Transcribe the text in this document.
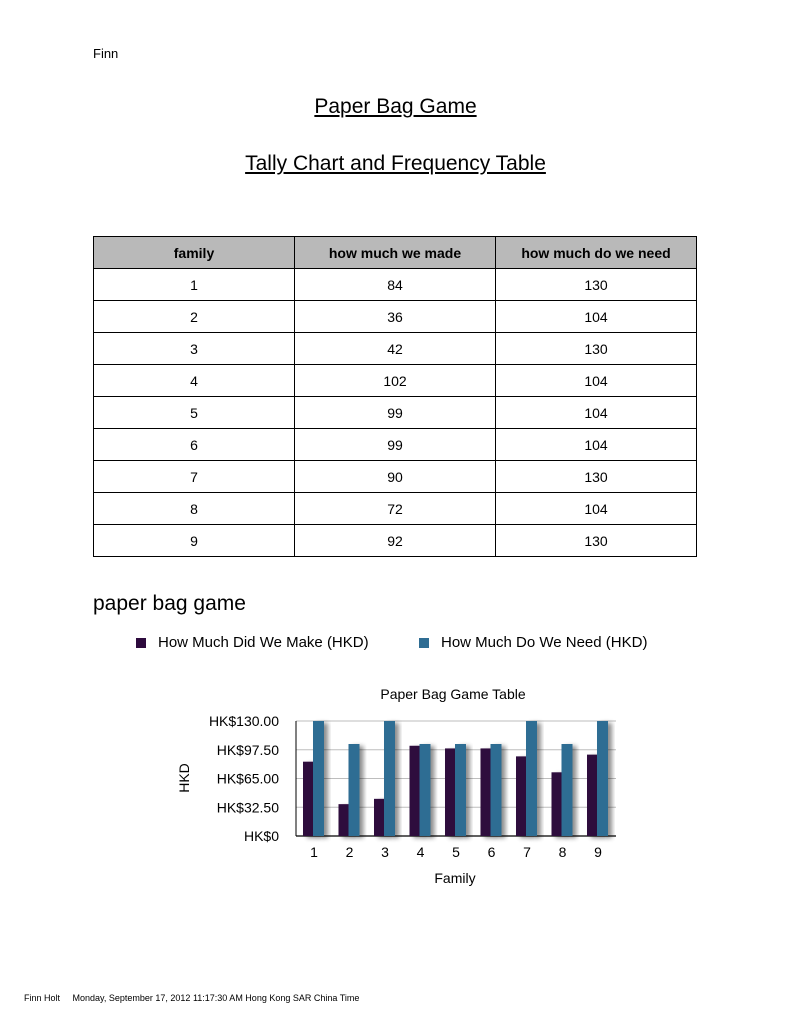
Finn
Paper Bag Game
Tally Chart and Frequency Table
family	how much we made	how much do we need
1	84	130
2	36	104
3	42	130
4	102	104
5	99	104
6	99	104
7	90	130
8	72	104
9	92	130
paper bag game
How Much Did We Make (HKD)	How Much Do We Need (HKD)
Paper Bag Game Table
HK$0
HK$32.50
HK$65.00
HK$97.50
HK$130.00
1 2 3 4 5 6 7 8 9
HKD
Family
Finn Holt Monday, September 17, 2012 11:17:30 AM Hong Kong SAR China Time
